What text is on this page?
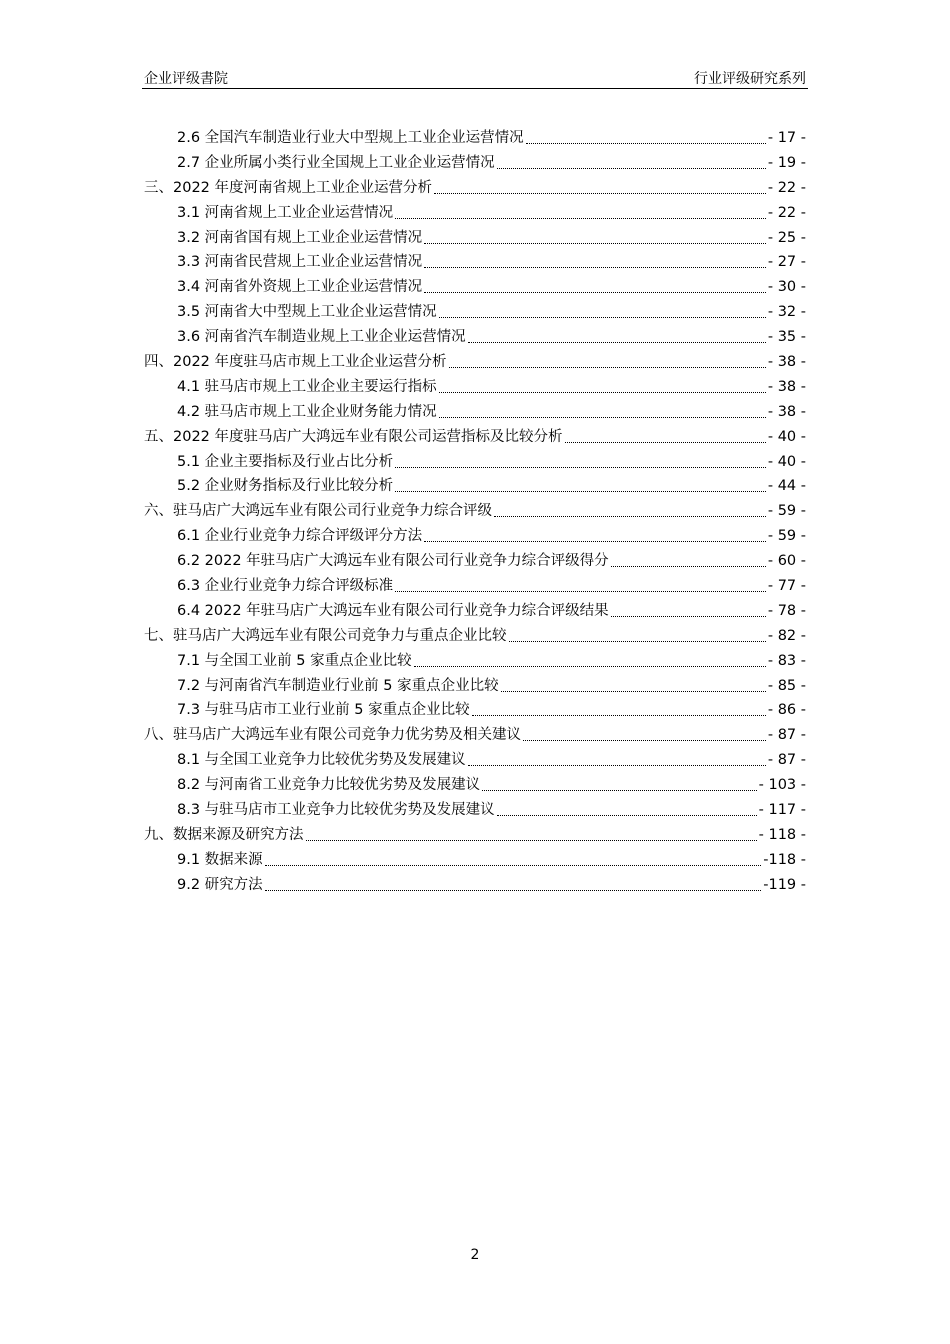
企业评级書院	行业评级研究系列
2.6 全国汽车制造业行业大中型规上工业企业运营情况	- 17 -
2.7 企业所属小类行业全国规上工业企业运营情况	- 19 -
三、2022 年度河南省规上工业企业运营分析	- 22 -
3.1 河南省规上工业企业运营情况	- 22 -
3.2 河南省国有规上工业企业运营情况	- 25 -
3.3 河南省民营规上工业企业运营情况	- 27 -
3.4 河南省外资规上工业企业运营情况	- 30 -
3.5 河南省大中型规上工业企业运营情况	- 32 -
3.6 河南省汽车制造业规上工业企业运营情况	- 35 -
四、2022 年度驻马店市规上工业企业运营分析	- 38 -
4.1 驻马店市规上工业企业主要运行指标	- 38 -
4.2 驻马店市规上工业企业财务能力情况	- 38 -
五、2022 年度驻马店广大鸿远车业有限公司运营指标及比较分析	- 40 -
5.1 企业主要指标及行业占比分析	- 40 -
5.2 企业财务指标及行业比较分析	- 44 -
六、驻马店广大鸿远车业有限公司行业竞争力综合评级	- 59 -
6.1 企业行业竞争力综合评级评分方法	- 59 -
6.2 2022 年驻马店广大鸿远车业有限公司行业竞争力综合评级得分	- 60 -
6.3 企业行业竞争力综合评级标准	- 77 -
6.4 2022 年驻马店广大鸿远车业有限公司行业竞争力综合评级结果	- 78 -
七、驻马店广大鸿远车业有限公司竞争力与重点企业比较	- 82 -
7.1 与全国工业前 5 家重点企业比较	- 83 -
7.2 与河南省汽车制造业行业前 5 家重点企业比较	- 85 -
7.3 与驻马店市工业行业前 5 家重点企业比较	- 86 -
八、驻马店广大鸿远车业有限公司竞争力优劣势及相关建议	- 87 -
8.1 与全国工业竞争力比较优劣势及发展建议	- 87 -
8.2 与河南省工业竞争力比较优劣势及发展建议	- 103 -
8.3 与驻马店市工业竞争力比较优劣势及发展建议	- 117 -
九、数据来源及研究方法	- 118 -
9.1 数据来源	-118 -
9.2 研究方法	-119 -
2
